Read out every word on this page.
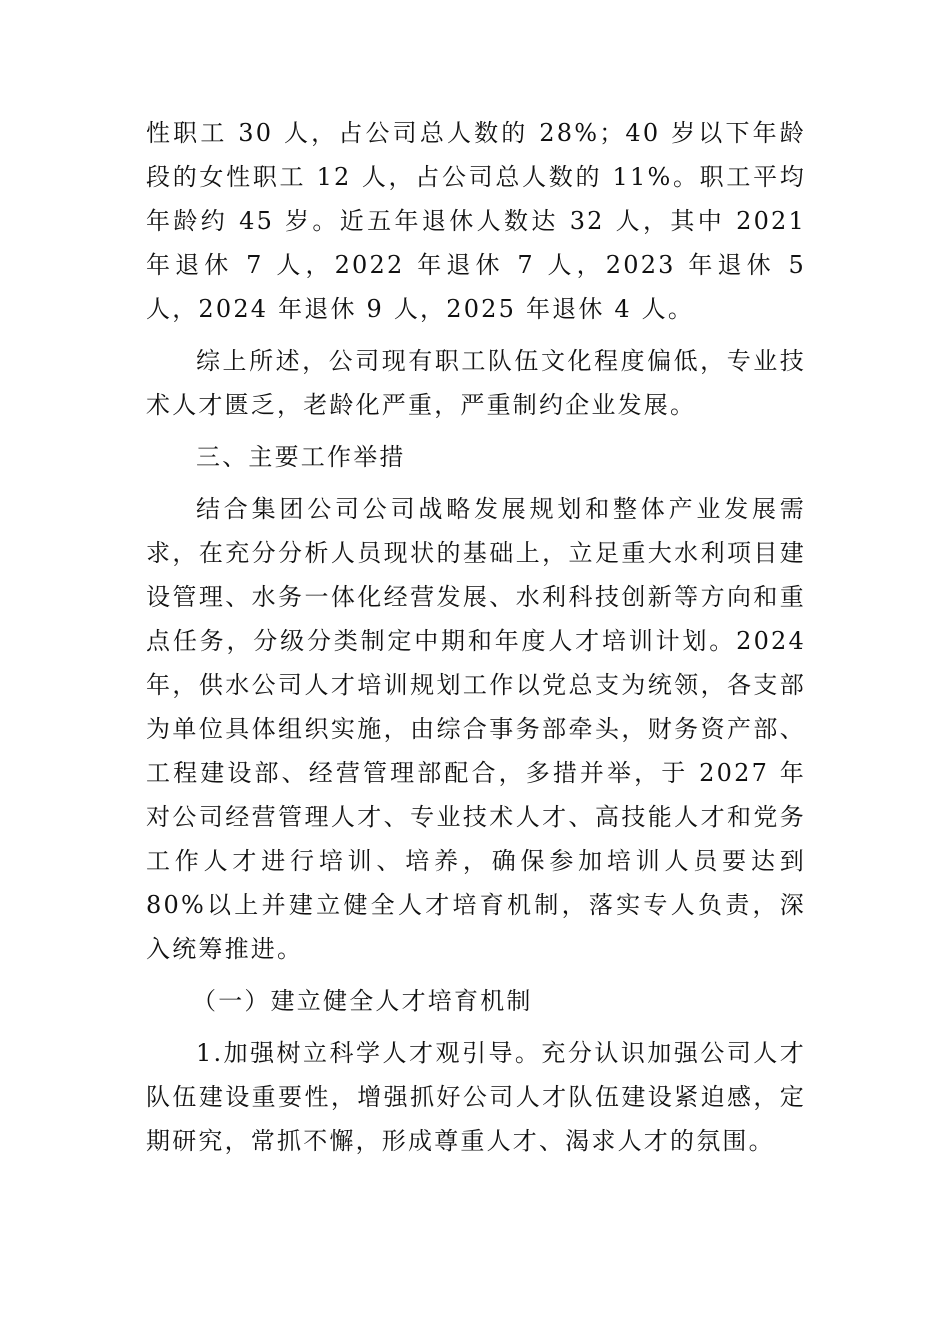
性职工 30 人，占公司总人数的 28%；40 岁以下年龄段的女性职工 12 人，占公司总人数的 11%。职工平均年龄约 45 岁。近五年退休人数达 32 人，其中 2021 年退休 7 人，2022 年退休 7 人，2023 年退休 5 人，2024 年退休 9 人，2025 年退休 4 人。

综上所述，公司现有职工队伍文化程度偏低，专业技术人才匮乏，老龄化严重，严重制约企业发展。

三、主要工作举措

结合集团公司公司战略发展规划和整体产业发展需求，在充分分析人员现状的基础上，立足重大水利项目建设管理、水务一体化经营发展、水利科技创新等方向和重点任务，分级分类制定中期和年度人才培训计划。2024 年，供水公司人才培训规划工作以党总支为统领，各支部为单位具体组织实施，由综合事务部牵头，财务资产部、工程建设部、经营管理部配合，多措并举，于 2027 年对公司经营管理人才、专业技术人才、高技能人才和党务工作人才进行培训、培养，确保参加培训人员要达到 80%以上并建立健全人才培育机制，落实专人负责，深入统筹推进。

（一）建立健全人才培育机制

1.加强树立科学人才观引导。充分认识加强公司人才队伍建设重要性，增强抓好公司人才队伍建设紧迫感，定期研究，常抓不懈，形成尊重人才、渴求人才的氛围。
